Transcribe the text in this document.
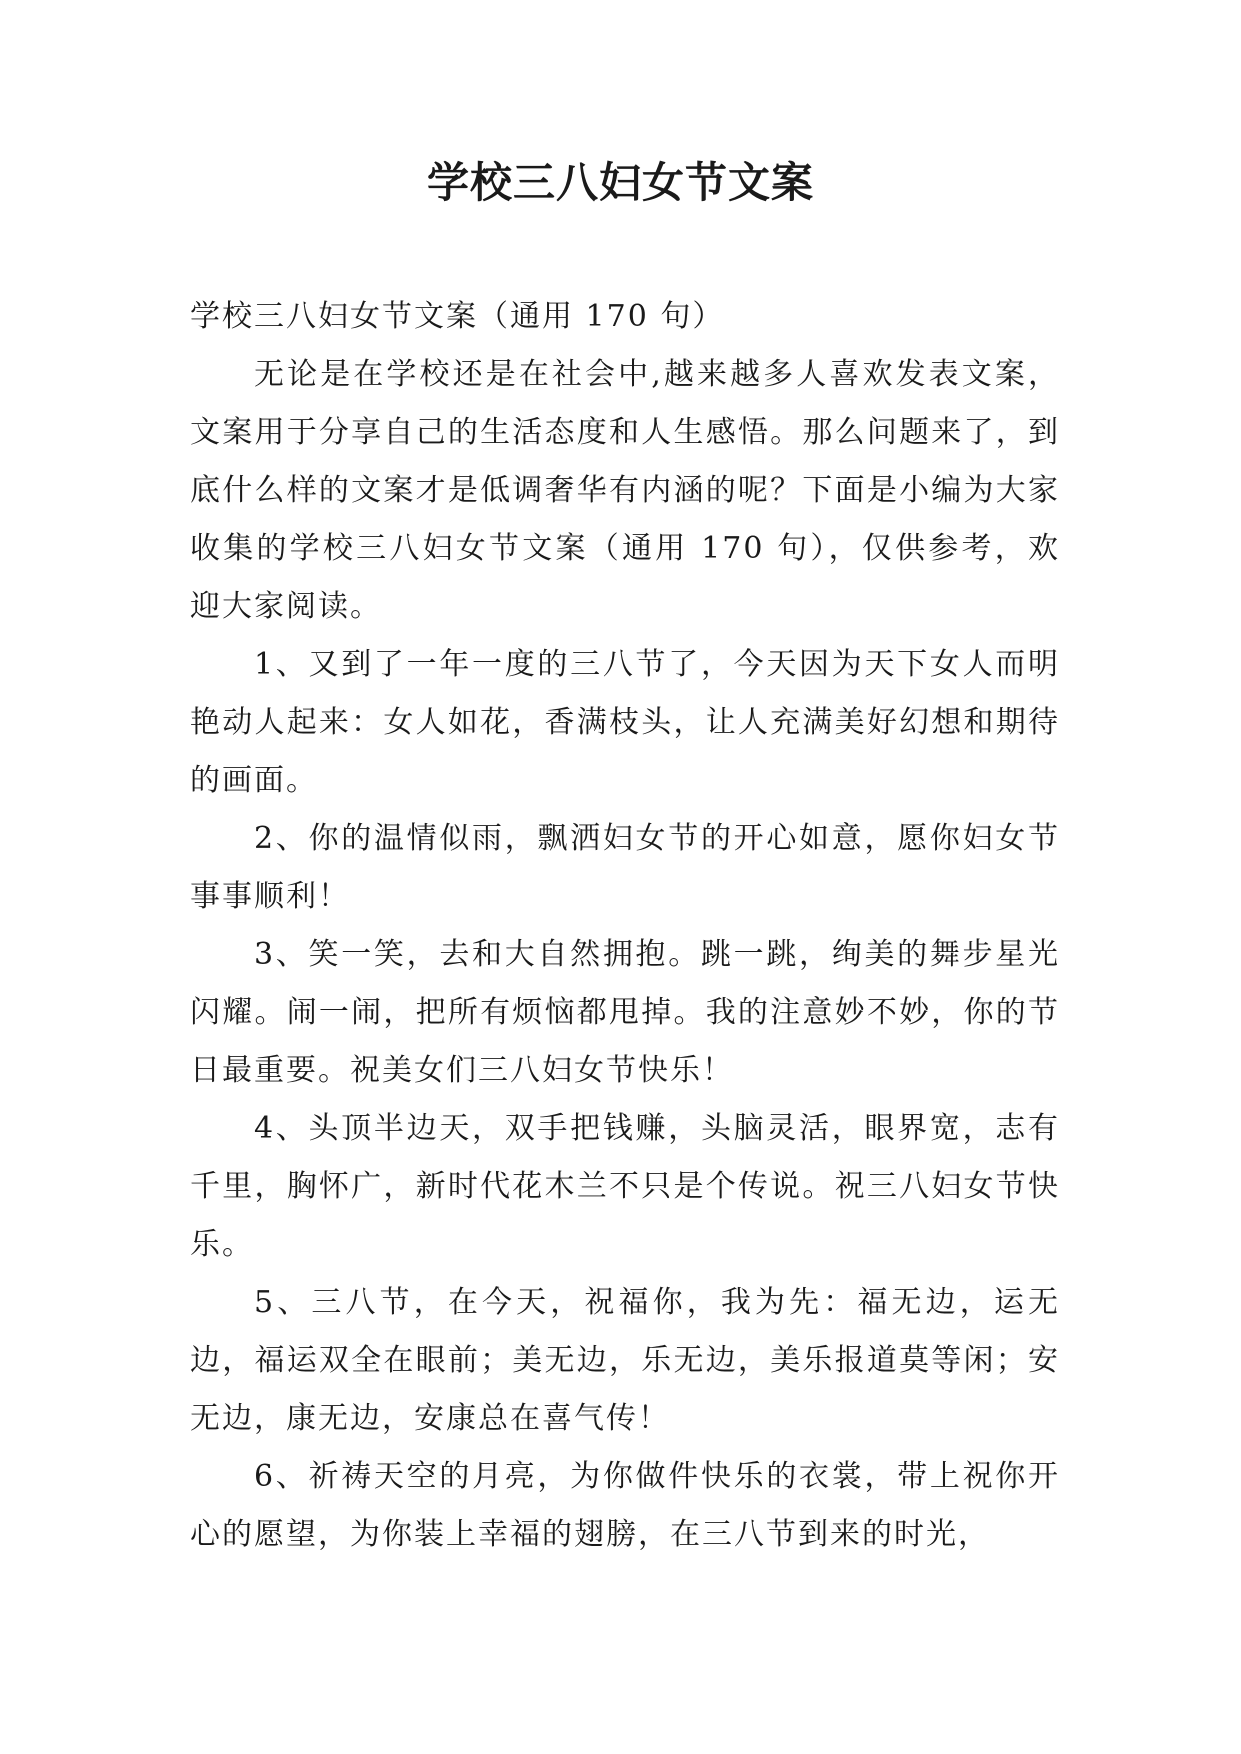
学校三八妇女节文案

学校三八妇女节文案（通用 170 句）

无论是在学校还是在社会中,越来越多人喜欢发表文案，文案用于分享自己的生活态度和人生感悟。那么问题来了，到底什么样的文案才是低调奢华有内涵的呢？下面是小编为大家收集的学校三八妇女节文案（通用 170 句），仅供参考，欢迎大家阅读。

1、又到了一年一度的三八节了，今天因为天下女人而明艳动人起来：女人如花，香满枝头，让人充满美好幻想和期待的画面。

2、你的温情似雨，飘洒妇女节的开心如意，愿你妇女节事事顺利！

3、笑一笑，去和大自然拥抱。跳一跳，绚美的舞步星光闪耀。闹一闹，把所有烦恼都甩掉。我的注意妙不妙，你的节日最重要。祝美女们三八妇女节快乐！

4、头顶半边天，双手把钱赚，头脑灵活，眼界宽，志有千里，胸怀广，新时代花木兰不只是个传说。祝三八妇女节快乐。

5、三八节，在今天，祝福你，我为先：福无边，运无边，福运双全在眼前；美无边，乐无边，美乐报道莫等闲；安无边，康无边，安康总在喜气传！

6、祈祷天空的月亮，为你做件快乐的衣裳，带上祝你开心的愿望，为你装上幸福的翅膀，在三八节到来的时光，
